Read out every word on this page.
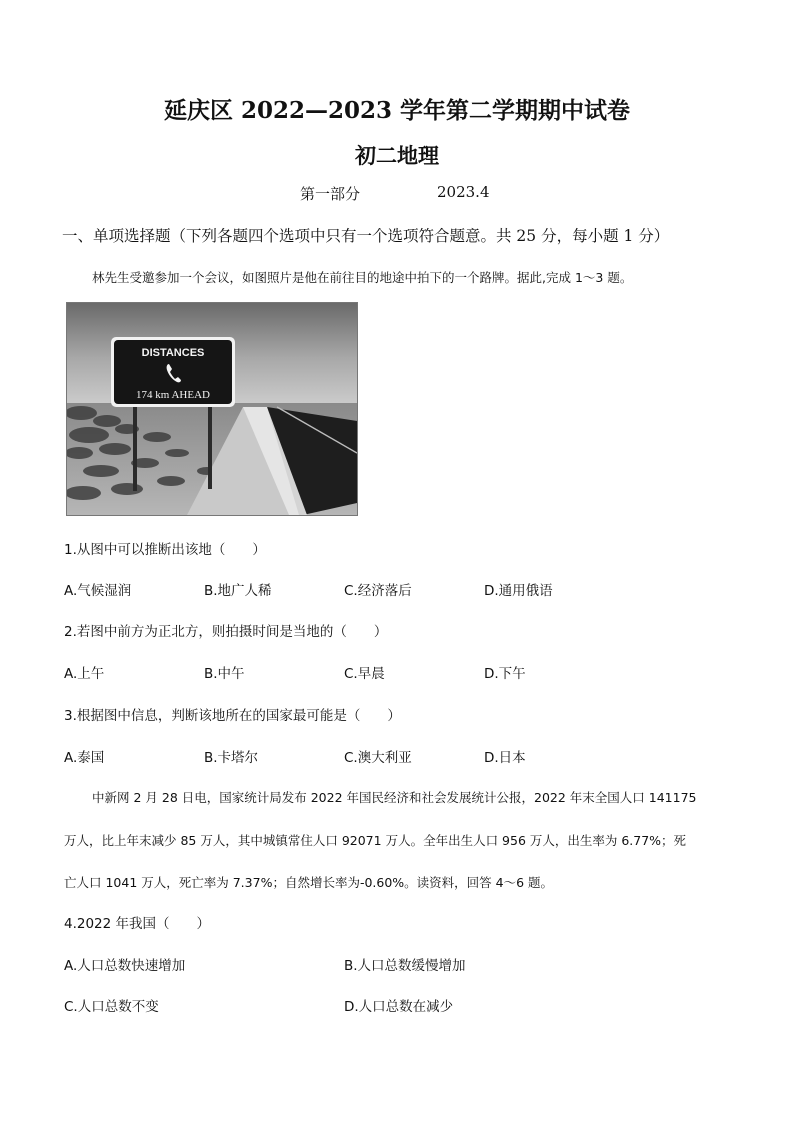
延庆区 2022—2023 学年第二学期期中试卷
初二地理
第一部分	2023.4
一、单项选择题（下列各题四个选项中只有一个选项符合题意。共 25 分，每小题 1 分）
林先生受邀参加一个会议，如图照片是他在前往目的地途中拍下的一个路牌。据此,完成 1～3 题。
DISTANCES
174 km AHEAD
1.从图中可以推断出该地（　　）
A.气候湿润	B.地广人稀	C.经济落后	D.通用俄语
2.若图中前方为正北方，则拍摄时间是当地的（　　）
A.上午	B.中午	C.早晨	D.下午
3.根据图中信息，判断该地所在的国家最可能是（　　）
A.泰国	B.卡塔尔	C.澳大利亚	D.日本
中新网 2 月 28 日电，国家统计局发布 2022 年国民经济和社会发展统计公报，2022 年末全国人口 141175
万人，比上年末减少 85 万人，其中城镇常住人口 92071 万人。全年出生人口 956 万人，出生率为 6.77%；死
亡人口 1041 万人，死亡率为 7.37%；自然增长率为-0.60%。读资料，回答 4～6 题。
4.2022 年我国（　　）
A.人口总数快速增加	B.人口总数缓慢增加
C.人口总数不变	D.人口总数在减少
